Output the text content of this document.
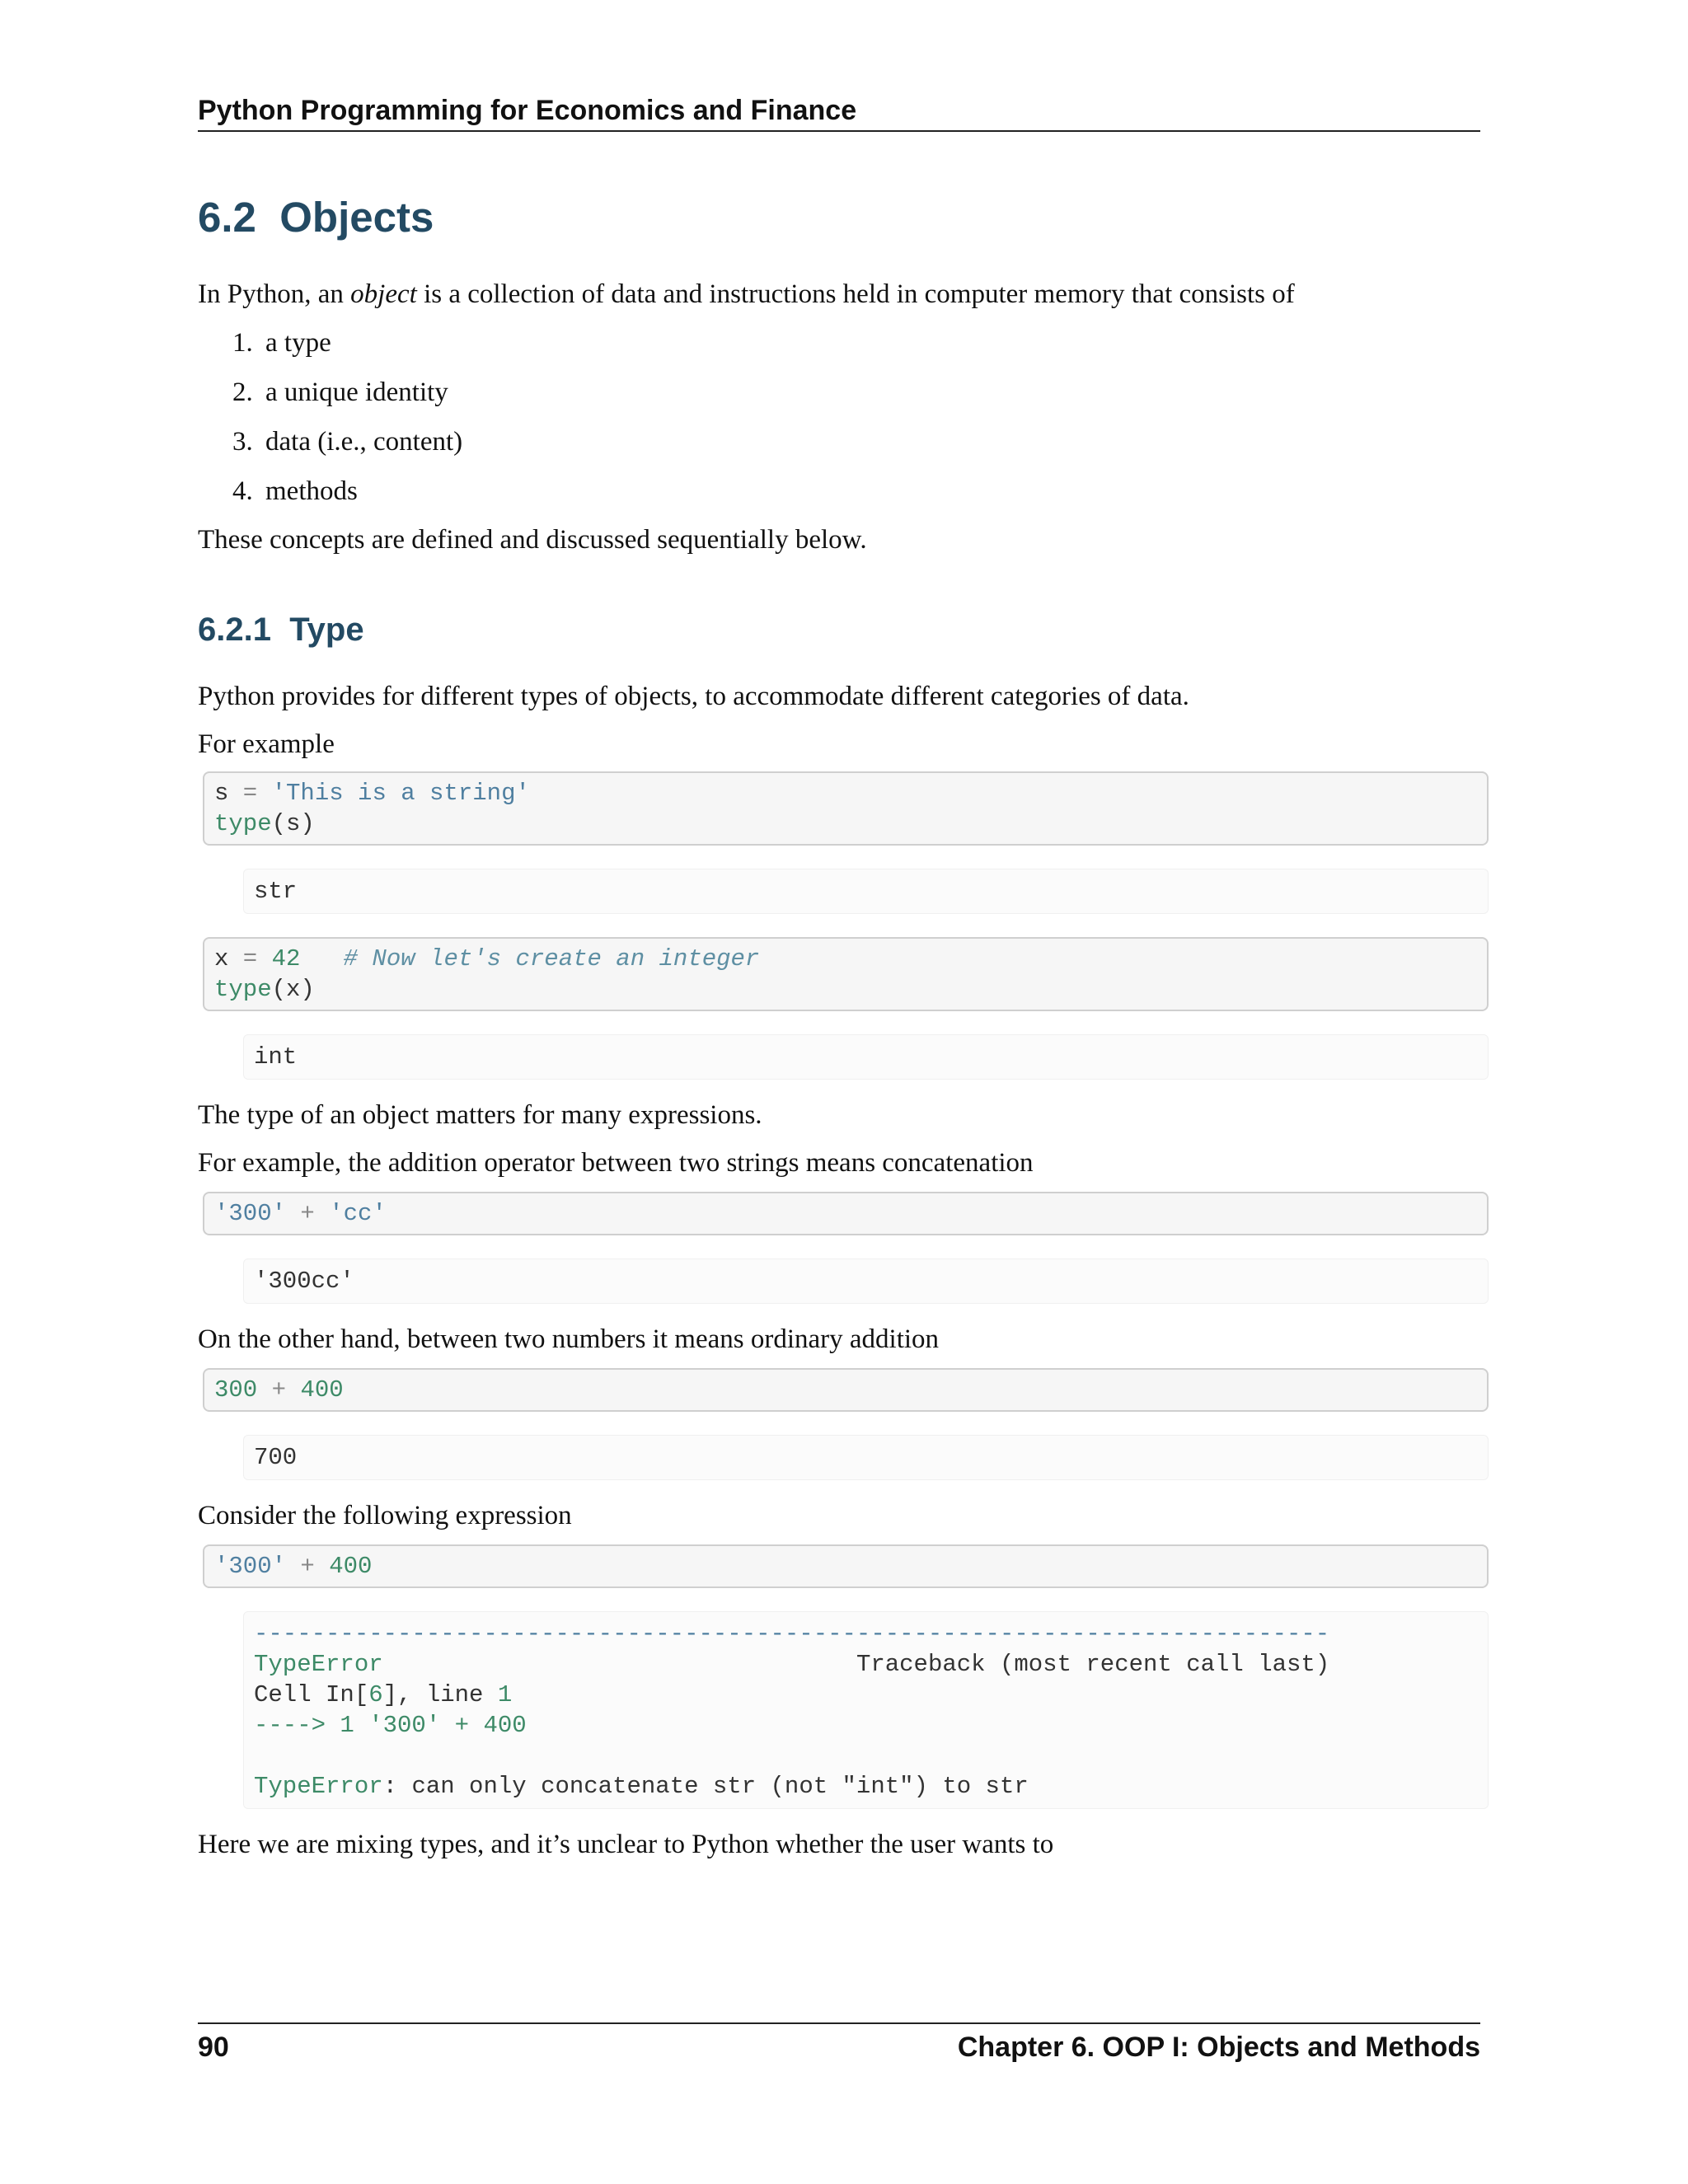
Python Programming for Economics and Finance
6.2 Objects

In Python, an object is a collection of data and instructions held in computer memory that consists of

1. a type
2. a unique identity
3. data (i.e., content)
4. methods

These concepts are defined and discussed sequentially below.

6.2.1 Type

Python provides for different types of objects, to accommodate different categories of data.

For example

s = 'This is a string'
type(s)
str
x = 42 # Now let's create an integer
type(x)
int

The type of an object matters for many expressions.

For example, the addition operator between two strings means concatenation

'300' + 'cc'
'300cc'

On the other hand, between two numbers it means ordinary addition

300 + 400
700

Consider the following expression

'300' + 400
---------------------------------------------------------------------------
TypeError	Traceback (most recent call last)
Cell In[6], line 1
----> 1 '300' + 400

TypeError: can only concatenate str (not "int") to str

Here we are mixing types, and it’s unclear to Python whether the user wants to

90	Chapter 6. OOP I: Objects and Methods
